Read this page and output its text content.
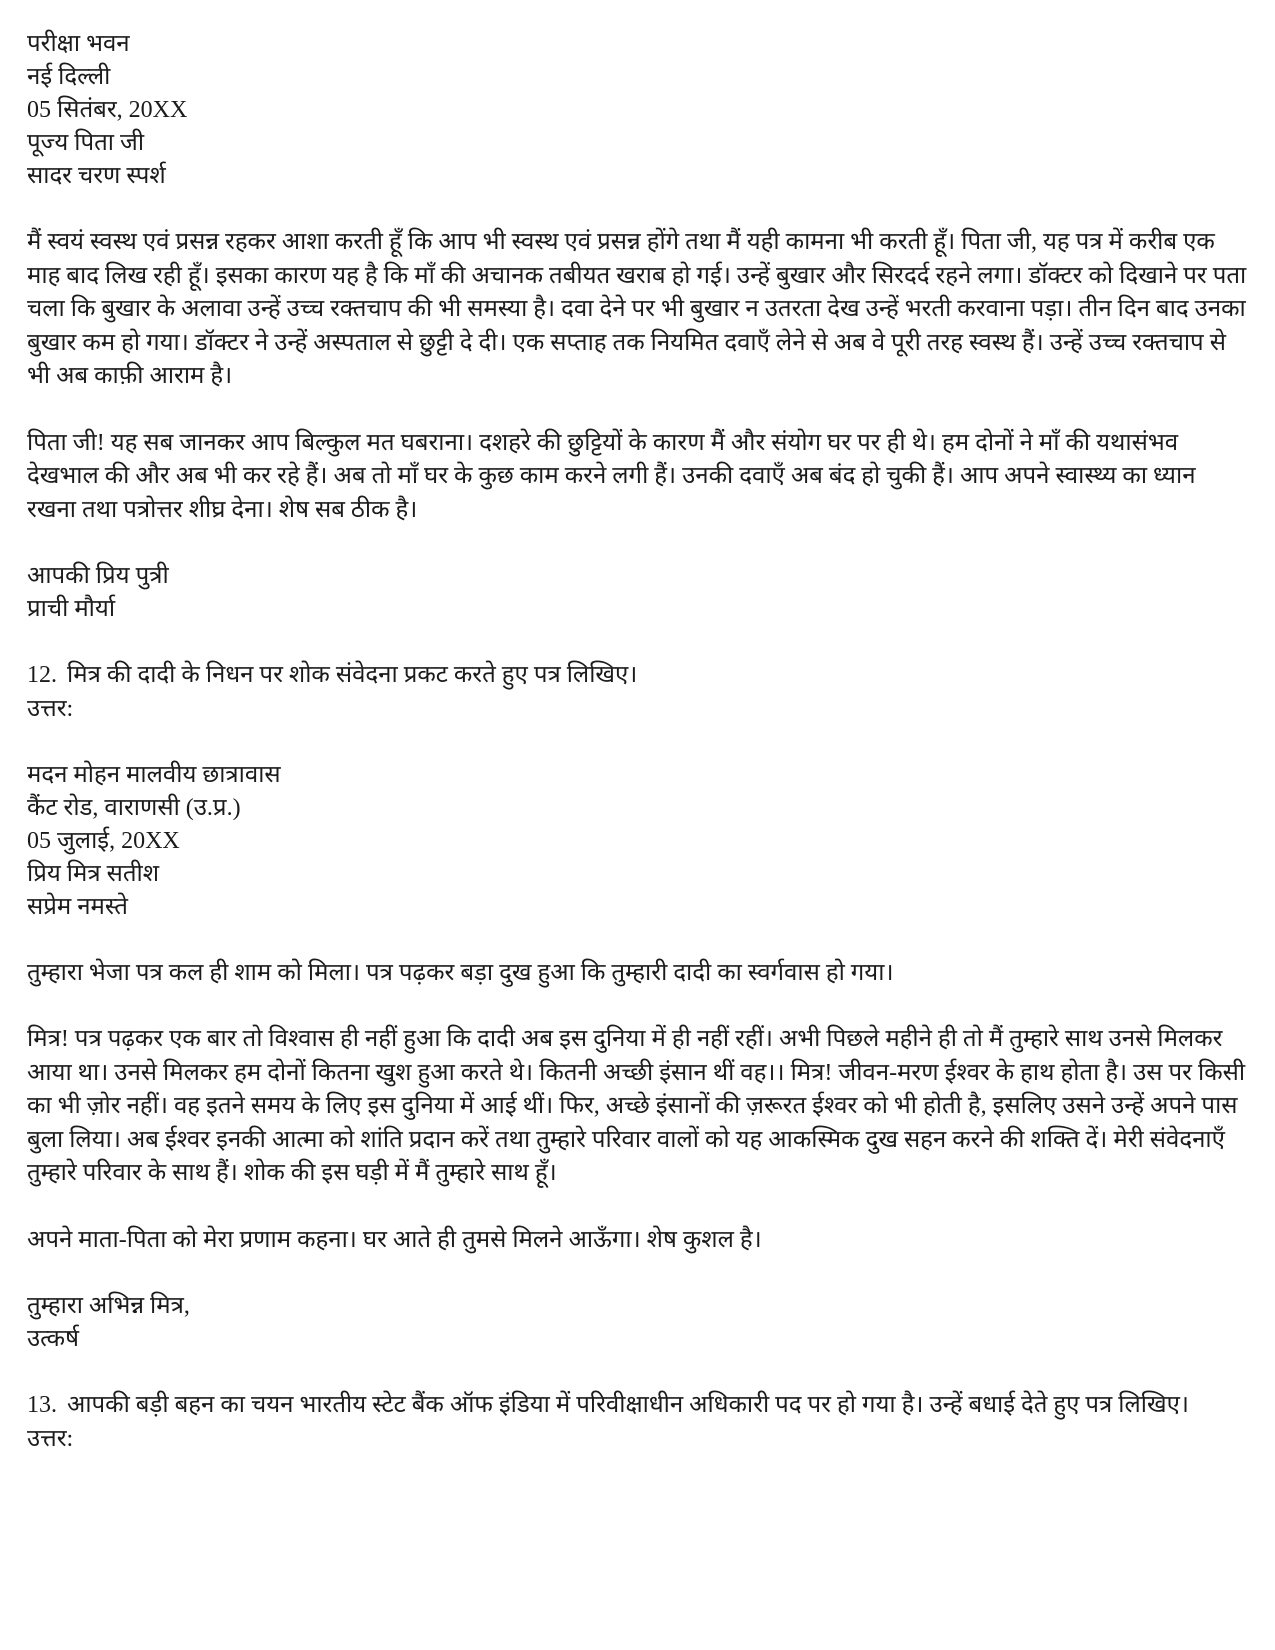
परीक्षा भवन
नई दिल्ली
05 सितंबर, 20XX
पूज्य पिता जी
सादर चरण स्पर्श

मैं स्वयं स्वस्थ एवं प्रसन्न रहकर आशा करती हूँ कि आप भी स्वस्थ एवं प्रसन्न होंगे तथा मैं यही कामना भी करती हूँ। पिता जी, यह पत्र में करीब एक माह बाद लिख रही हूँ। इसका कारण यह है कि माँ की अचानक तबीयत खराब हो गई। उन्हें बुखार और सिरदर्द रहने लगा। डॉक्टर को दिखाने पर पता चला कि बुखार के अलावा उन्हें उच्च रक्तचाप की भी समस्या है। दवा देने पर भी बुखार न उतरता देख उन्हें भरती करवाना पड़ा। तीन दिन बाद उनका बुखार कम हो गया। डॉक्टर ने उन्हें अस्पताल से छुट्टी दे दी। एक सप्ताह तक नियमित दवाएँ लेने से अब वे पूरी तरह स्वस्थ हैं। उन्हें उच्च रक्तचाप से भी अब काफ़ी आराम है।

पिता जी! यह सब जानकर आप बिल्कुल मत घबराना। दशहरे की छुट्टियों के कारण मैं और संयोग घर पर ही थे। हम दोनों ने माँ की यथासंभव देखभाल की और अब भी कर रहे हैं। अब तो माँ घर के कुछ काम करने लगी हैं। उनकी दवाएँ अब बंद हो चुकी हैं। आप अपने स्वास्थ्य का ध्यान रखना तथा पत्रोत्तर शीघ्र देना। शेष सब ठीक है।

आपकी प्रिय पुत्री
प्राची मौर्या

12. मित्र की दादी के निधन पर शोक संवेदना प्रकट करते हुए पत्र लिखिए।

उत्तर:
मदन मोहन मालवीय छात्रावास
कैंट रोड, वाराणसी (उ.प्र.)
05 जुलाई, 20XX
प्रिय मित्र सतीश
सप्रेम नमस्ते

तुम्हारा भेजा पत्र कल ही शाम को मिला। पत्र पढ़कर बड़ा दुख हुआ कि तुम्हारी दादी का स्वर्गवास हो गया।

मित्र! पत्र पढ़कर एक बार तो विश्वास ही नहीं हुआ कि दादी अब इस दुनिया में ही नहीं रहीं। अभी पिछले महीने ही तो मैं तुम्हारे साथ उनसे मिलकर आया था। उनसे मिलकर हम दोनों कितना खुश हुआ करते थे। कितनी अच्छी इंसान थीं वह।। मित्र! जीवन-मरण ईश्वर के हाथ होता है। उस पर किसी का भी ज़ोर नहीं। वह इतने समय के लिए इस दुनिया में आई थीं। फिर, अच्छे इंसानों की ज़रूरत ईश्वर को भी होती है, इसलिए उसने उन्हें अपने पास बुला लिया। अब ईश्वर इनकी आत्मा को शांति प्रदान करें तथा तुम्हारे परिवार वालों को यह आकस्मिक दुख सहन करने की शक्ति दें। मेरी संवेदनाएँ तुम्हारे परिवार के साथ हैं। शोक की इस घड़ी में मैं तुम्हारे साथ हूँ।

अपने माता-पिता को मेरा प्रणाम कहना। घर आते ही तुमसे मिलने आऊँगा। शेष कुशल है।

तुम्हारा अभिन्न मित्र,
उत्कर्ष

13. आपकी बड़ी बहन का चयन भारतीय स्टेट बैंक ऑफ इंडिया में परिवीक्षाधीन अधिकारी पद पर हो गया है। उन्हें बधाई देते हुए पत्र लिखिए।

उत्तर:
